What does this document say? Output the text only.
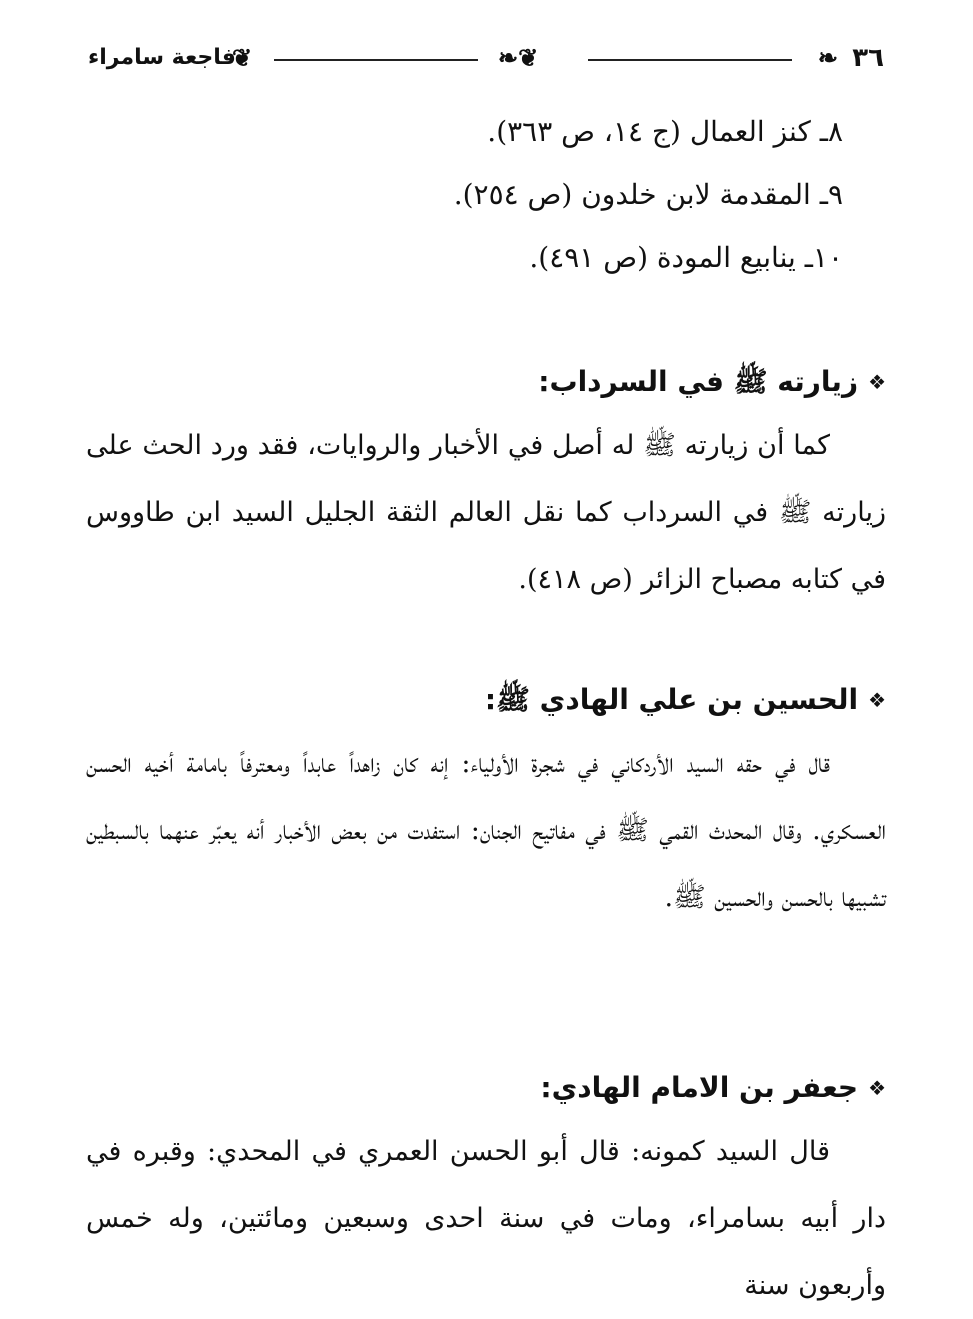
٣٦
❧
❦❧
❦
فاجعة سامراء
٨ـ كنز العمال (ج ١٤، ص ٣٦٣).
٩ـ المقدمة لابن خلدون (ص ٢٥٤).
١٠ـ ينابيع المودة (ص ٤٩١).
❖زيارته ﷺ في السرداب:

كما أن زيارته ﷺ له أصل في الأخبار والروايات، فقد ورد الحث على زيارته ﷺ في السرداب كما نقل العالم الثقة الجليل السيد ابن طاووس في كتابه مصباح الزائر (ص ٤١٨).

❖الحسين بن علي الهادي ﷺ:

قال في حقه السيد الأردكاني في شجرة الأولياء: إنه كان زاهداً عابداً ومعترفاً بامامة أخيه الحسن العسكري. وقال المحدث القمي ﷺ في مفاتيح الجنان: استفدت من بعض الأخبار أنه يعبّر عنهما بالسبطين تشبيها بالحسن والحسين ﷺ.

❖جعفر بن الامام الهادي:

قال السيد كمونه: قال أبو الحسن العمري في المحدي: وقبره في دار أبيه بسامراء، ومات في سنة احدى وسبعين ومائتين، وله خمس وأربعون سنة
